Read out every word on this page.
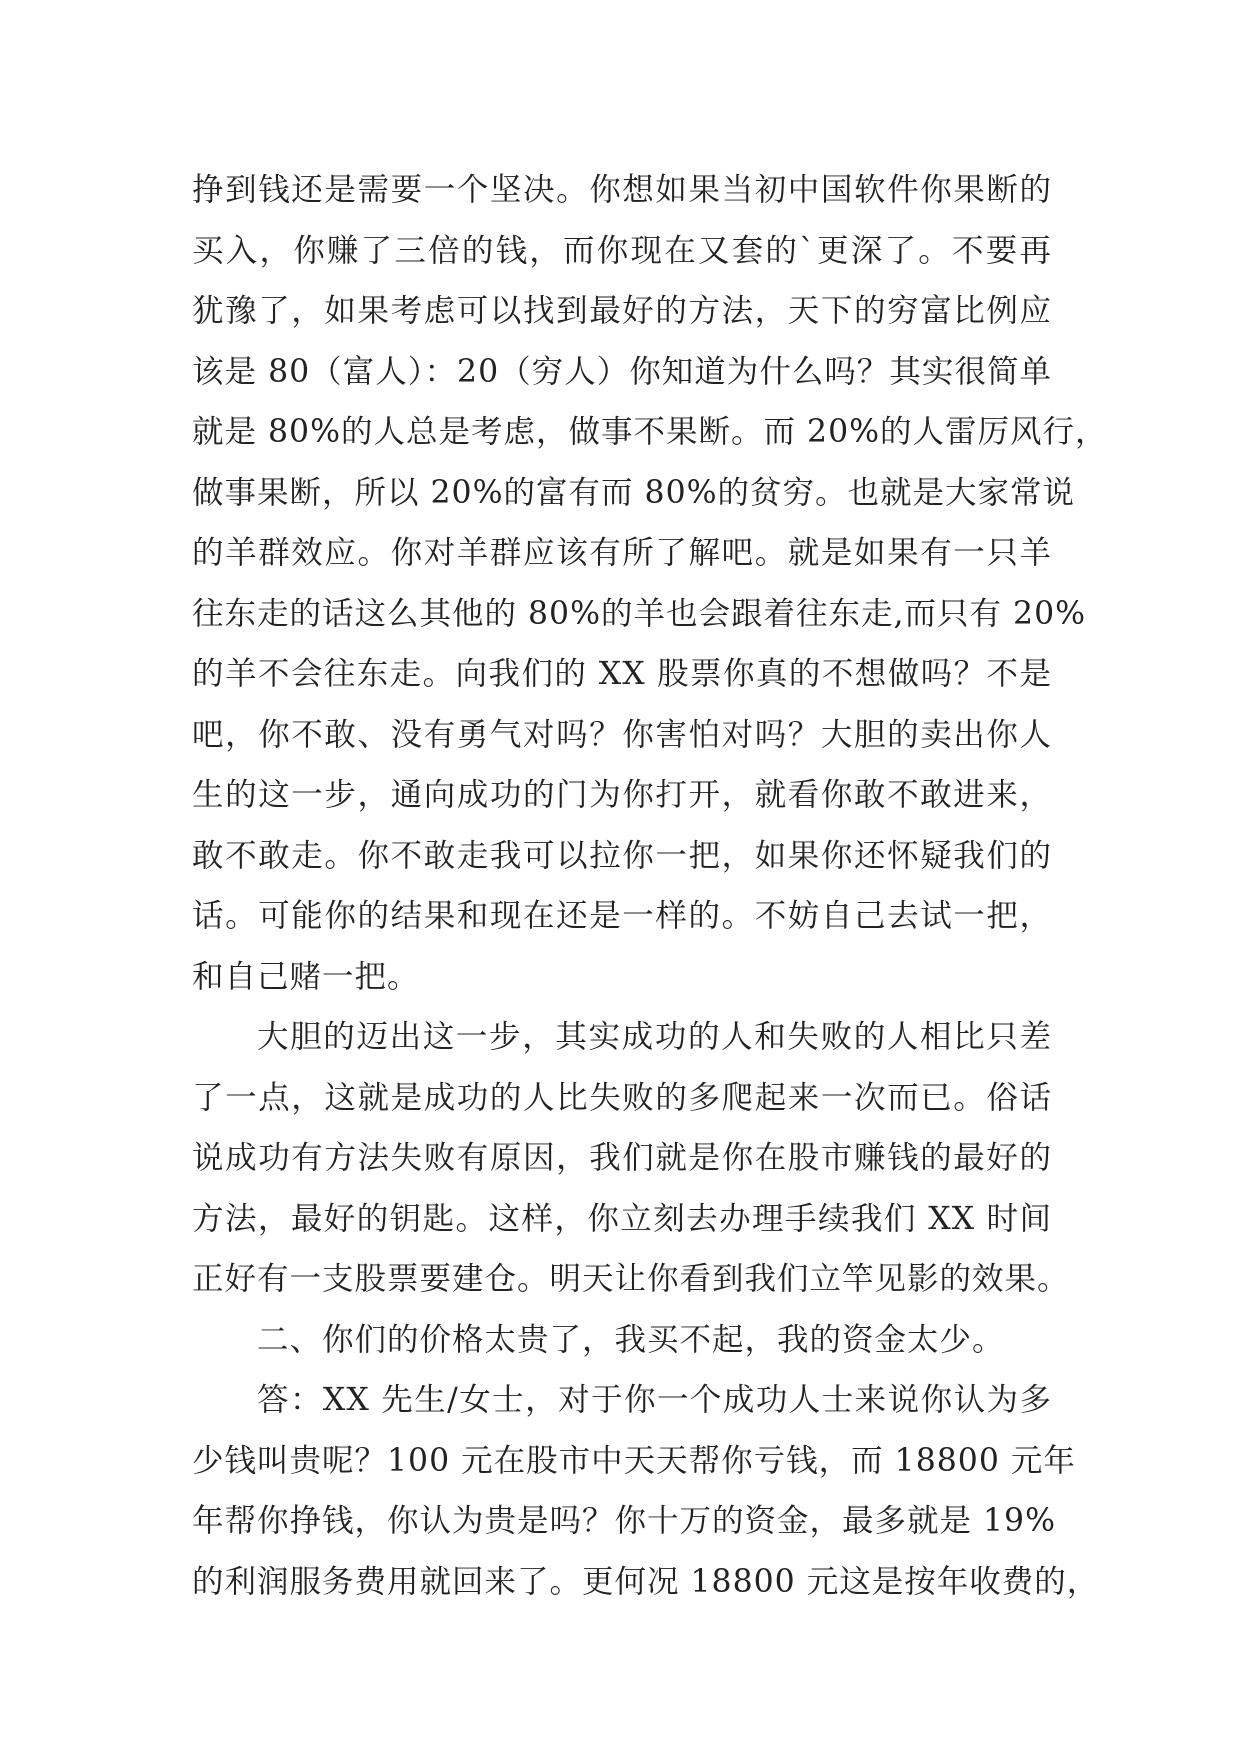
挣到钱还是需要一个坚决。你想如果当初中国软件你果断的
买入，你赚了三倍的钱，而你现在又套的`更深了。不要再
犹豫了，如果考虑可以找到最好的方法，天下的穷富比例应
该是 80（富人）：20（穷人）你知道为什么吗？其实很简单
就是 80%的人总是考虑，做事不果断。而 20%的人雷厉风行，
做事果断，所以 20%的富有而 80%的贫穷。也就是大家常说
的羊群效应。你对羊群应该有所了解吧。就是如果有一只羊
往东走的话这么其他的 80%的羊也会跟着往东走,而只有 20%
的羊不会往东走。向我们的 XX 股票你真的不想做吗？不是
吧，你不敢、没有勇气对吗？你害怕对吗？大胆的卖出你人
生的这一步，通向成功的门为你打开，就看你敢不敢进来，
敢不敢走。你不敢走我可以拉你一把，如果你还怀疑我们的
话。可能你的结果和现在还是一样的。不妨自己去试一把，
和自己赌一把。
大胆的迈出这一步，其实成功的人和失败的人相比只差
了一点，这就是成功的人比失败的多爬起来一次而已。俗话
说成功有方法失败有原因，我们就是你在股市赚钱的最好的
方法，最好的钥匙。这样，你立刻去办理手续我们 XX 时间
正好有一支股票要建仓。明天让你看到我们立竿见影的效果。
二、你们的价格太贵了，我买不起，我的资金太少。
答：XX 先生/女士，对于你一个成功人士来说你认为多
少钱叫贵呢？100 元在股市中天天帮你亏钱，而 18800 元年
年帮你挣钱，你认为贵是吗？你十万的资金，最多就是 19%
的利润服务费用就回来了。更何况 18800 元这是按年收费的，
